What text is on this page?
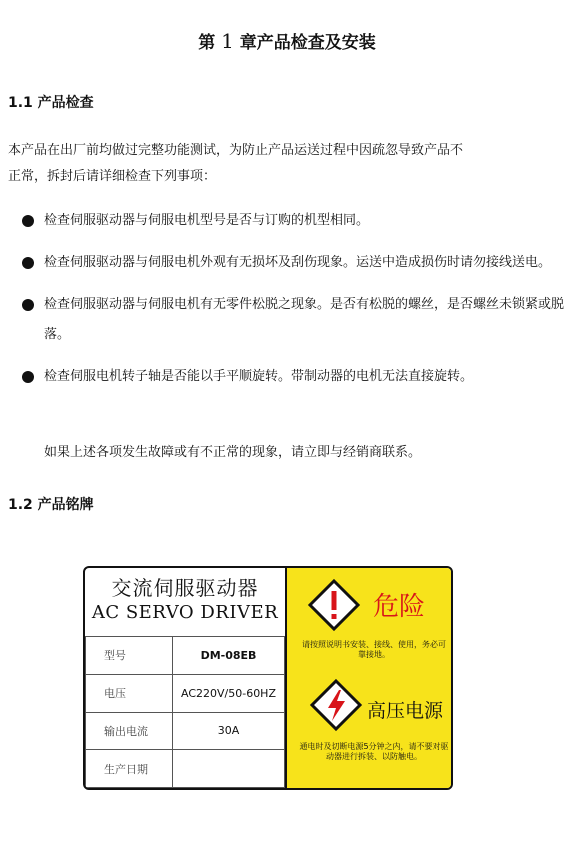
第 1 章产品检查及安装
1.1 产品检查
本产品在出厂前均做过完整功能测试，为防止产品运送过程中因疏忽导致产品不
正常，拆封后请详细检查下列事项：
检查伺服驱动器与伺服电机型号是否与订购的机型相同。
检查伺服驱动器与伺服电机外观有无损坏及刮伤现象。运送中造成损伤时请勿接线送电。
检查伺服驱动器与伺服电机有无零件松脱之现象。是否有松脱的螺丝，是否螺丝未锁紧或脱落。
检查伺服电机转子轴是否能以手平顺旋转。带制动器的电机无法直接旋转。
如果上述各项发生故障或有不正常的现象，请立即与经销商联系。
1.2 产品铭牌
交流伺服驱动器
AC SERVO DRIVER
型号	DM-08EB
电压	AC220V/50-60HZ
输出电流	30A
生产日期	
危险
请按照说明书安装、接线、使用，务必可靠接地。
高压电源
通电时及切断电源5分钟之内，请不要对驱动器进行拆装、以防触电。
